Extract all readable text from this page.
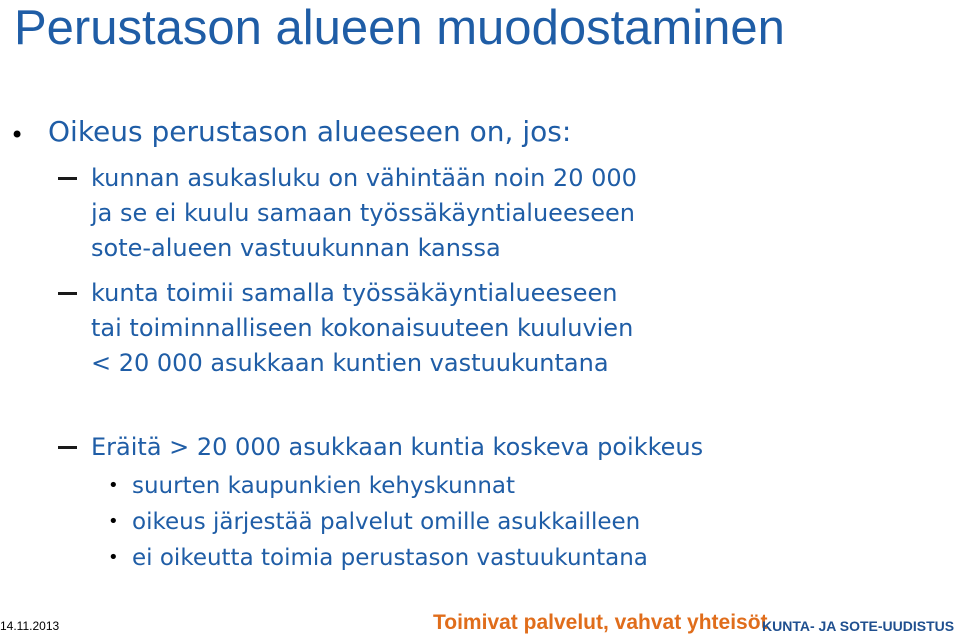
Perustason alueen muodostaminen
• Oikeus perustason alueeseen on, jos:
kunnan asukasluku on vähintään noin 20 000
ja se ei kuulu samaan työssäkäyntialueeseen
sote-alueen vastuukunnan kanssa
kunta toimii samalla työssäkäyntialueeseen
tai toiminnalliseen kokonaisuuteen kuuluvien
< 20 000 asukkaan kuntien vastuukuntana
Eräitä > 20 000 asukkaan kuntia koskeva poikkeus
• suurten kaupunkien kehyskunnat
• oikeus järjestää palvelut omille asukkailleen
• ei oikeutta toimia perustason vastuukuntana
14.11.2013	Toimivat palvelut, vahvat yhteisöt
KUNTA- JA SOTE-UUDISTUS
